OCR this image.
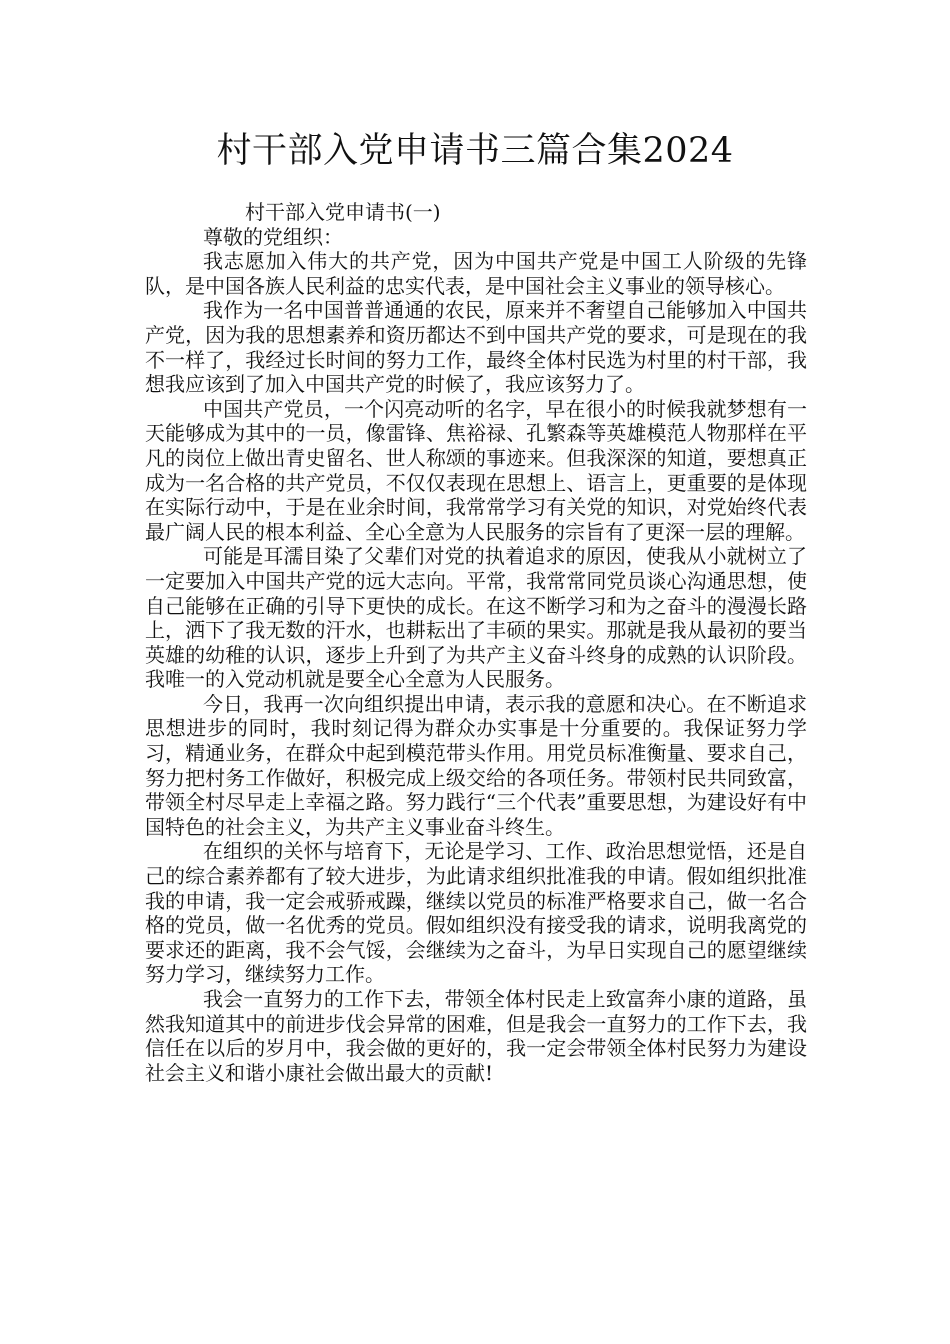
村干部入党申请书三篇合集2024
村干部入党申请书(一)

尊敬的党组织：

我志愿加入伟大的共产党，因为中国共产党是中国工人阶级的先锋队，是中国各族人民利益的忠实代表，是中国社会主义事业的领导核心。

我作为一名中国普普通通的农民，原来并不奢望自己能够加入中国共产党，因为我的思想素养和资历都达不到中国共产党的要求，可是现在的我不一样了，我经过长时间的努力工作，最终全体村民选为村里的村干部，我想我应该到了加入中国共产党的时候了，我应该努力了。

中国共产党员，一个闪亮动听的名字，早在很小的时候我就梦想有一天能够成为其中的一员，像雷锋、焦裕禄、孔繁森等英雄模范人物那样在平凡的岗位上做出青史留名、世人称颂的事迹来。但我深深的知道，要想真正成为一名合格的共产党员，不仅仅表现在思想上、语言上，更重要的是体现在实际行动中，于是在业余时间，我常常学习有关党的知识，对党始终代表最广阔人民的根本利益、全心全意为人民服务的宗旨有了更深一层的理解。

可能是耳濡目染了父辈们对党的执着追求的原因，使我从小就树立了一定要加入中国共产党的远大志向。平常，我常常同党员谈心沟通思想，使自己能够在正确的引导下更快的成长。在这不断学习和为之奋斗的漫漫长路上，洒下了我无数的汗水，也耕耘出了丰硕的果实。那就是我从最初的要当英雄的幼稚的认识，逐步上升到了为共产主义奋斗终身的成熟的认识阶段。我唯一的入党动机就是要全心全意为人民服务。

今日，我再一次向组织提出申请，表示我的意愿和决心。在不断追求思想进步的同时，我时刻记得为群众办实事是十分重要的。我保证努力学习，精通业务，在群众中起到模范带头作用。用党员标准衡量、要求自己，努力把村务工作做好，积极完成上级交给的各项任务。带领村民共同致富，带领全村尽早走上幸福之路。努力践行“三个代表”重要思想，为建设好有中国特色的社会主义，为共产主义事业奋斗终生。

在组织的关怀与培育下，无论是学习、工作、政治思想觉悟，还是自己的综合素养都有了较大进步，为此请求组织批准我的申请。假如组织批准我的申请，我一定会戒骄戒躁，继续以党员的标准严格要求自己，做一名合格的党员，做一名优秀的党员。假如组织没有接受我的请求，说明我离党的要求还的距离，我不会气馁，会继续为之奋斗，为早日实现自己的愿望继续努力学习，继续努力工作。

我会一直努力的工作下去，带领全体村民走上致富奔小康的道路，虽然我知道其中的前进步伐会异常的困难，但是我会一直努力的工作下去，我信任在以后的岁月中，我会做的更好的，我一定会带领全体村民努力为建设社会主义和谐小康社会做出最大的贡献!
